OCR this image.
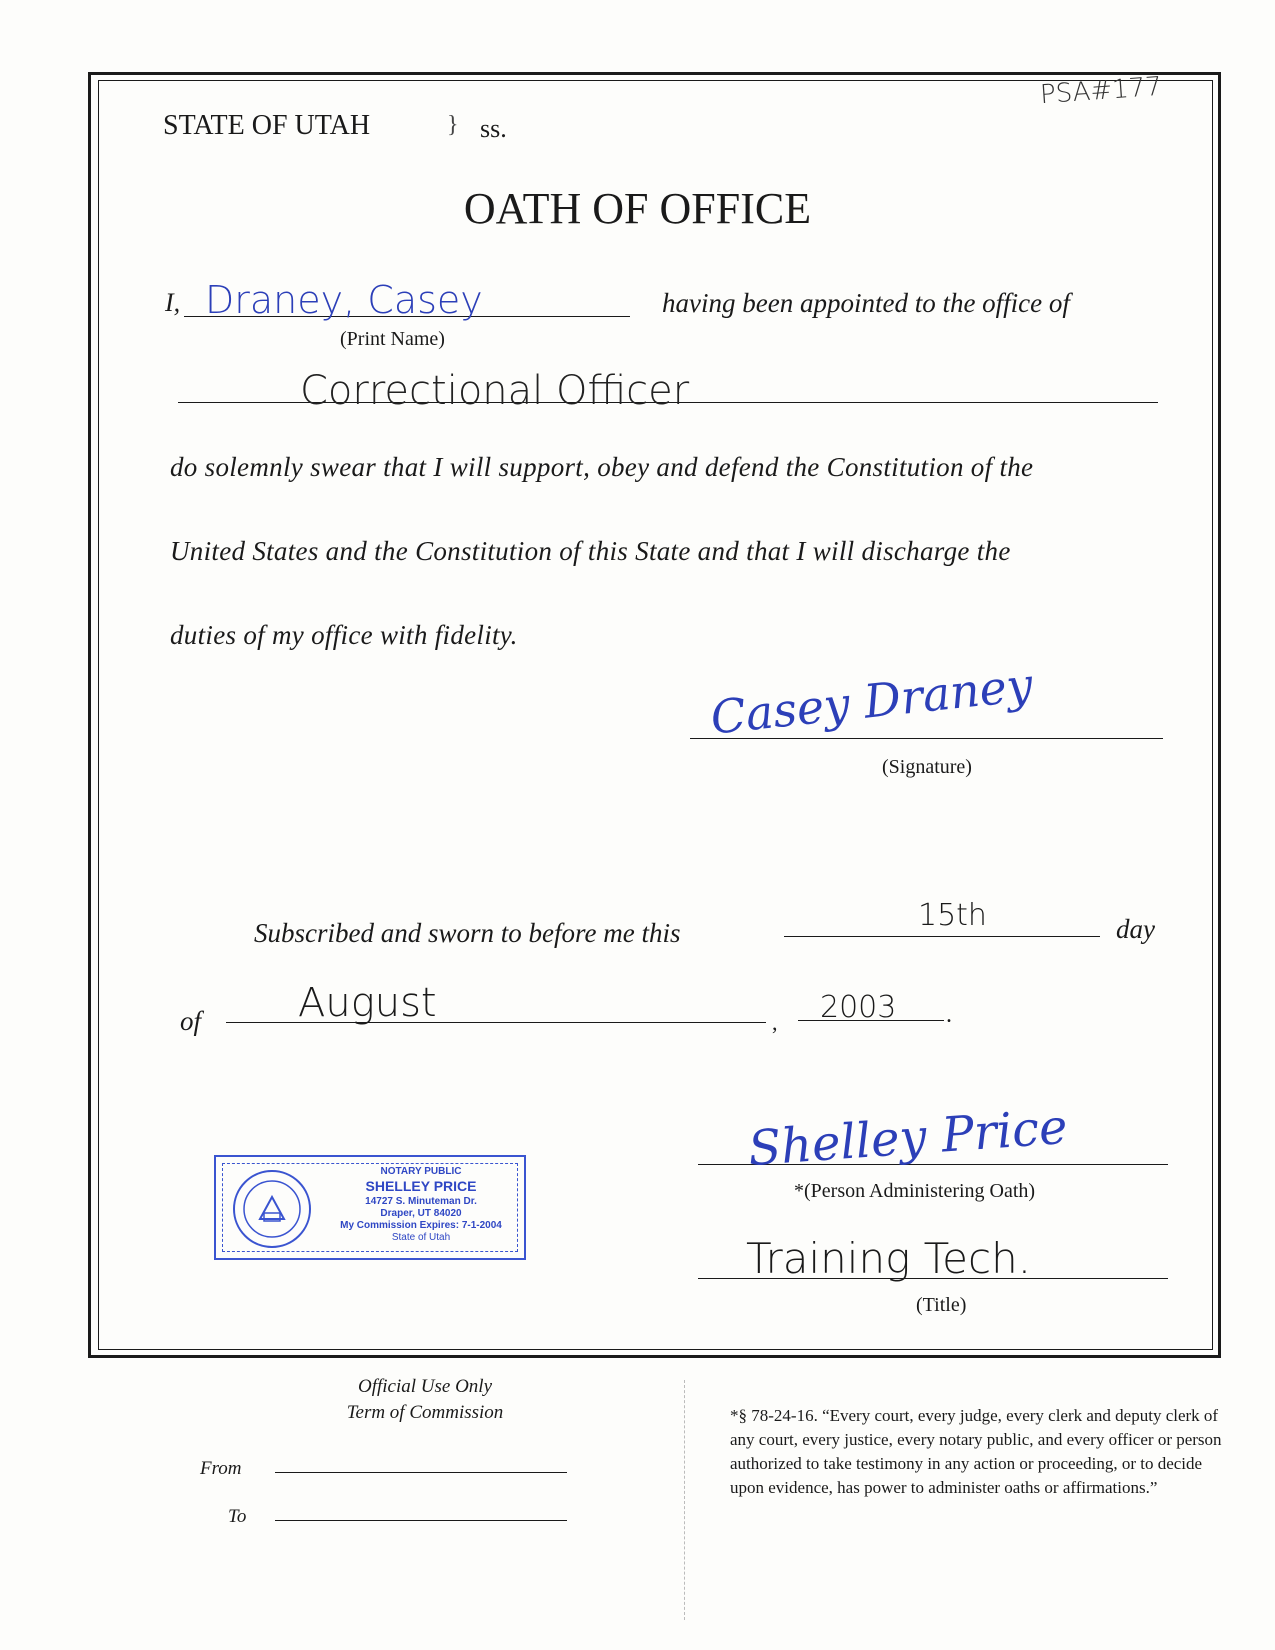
STATE OF UTAH	} ss.
PSA#177
OATH OF OFFICE
I, Draney, Casey
(Print Name)
having been appointed to the office of
Correctional Officer
do solemnly swear that I will support, obey and defend the Constitution of the
United States and the Constitution of this State and that I will discharge the
duties of my office with fidelity.
Casey Draney
(Signature)
Subscribed and sworn to before me this	15th	day
of August	, 2003 .
Shelley Price
*(Person Administering Oath)
Training Tech.
(Title)
NOTARY PUBLIC
SHELLEY PRICE
14727 S. Minuteman Dr.
Draper, UT 84020
My Commission Expires: 7-1-2004
State of Utah
Official Use Only
Term of Commission
From
To
*§ 78-24-16. “Every court, every judge, every clerk and deputy clerk of any court, every justice, every notary public, and every officer or person authorized to take testimony in any action or proceeding, or to decide upon evidence, has power to administer oaths or affirmations.”
